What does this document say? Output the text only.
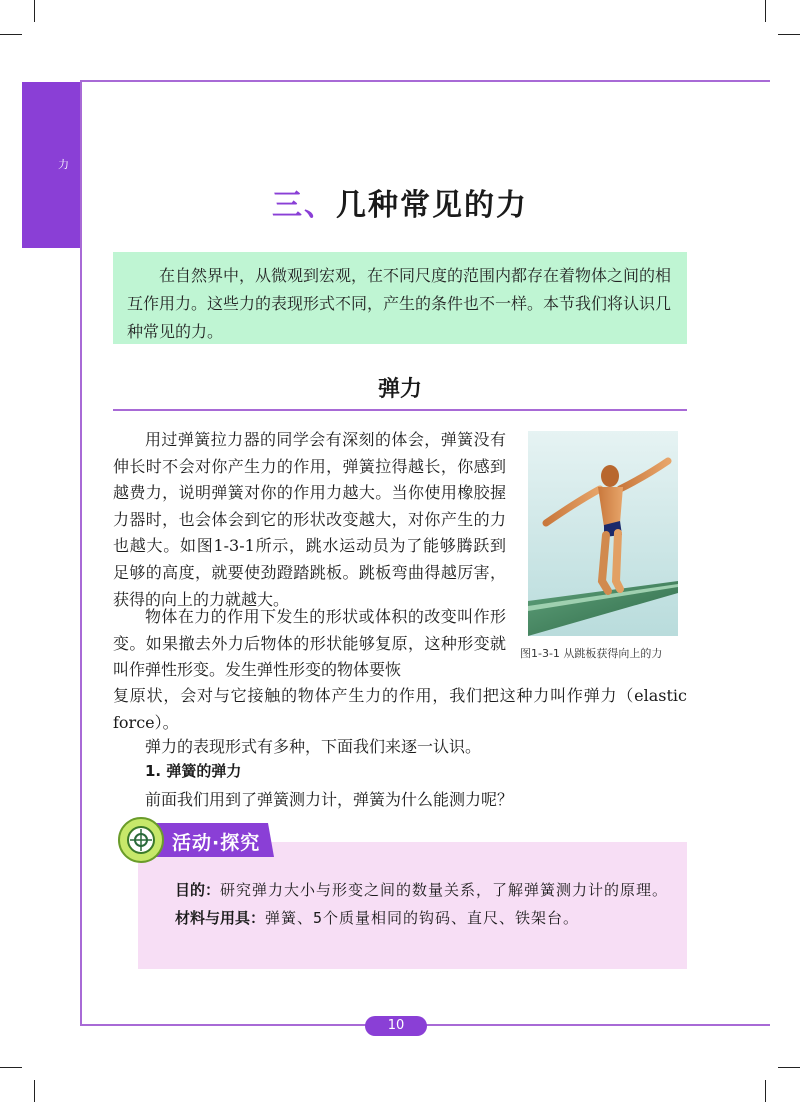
力
三、几种常见的力
在自然界中，从微观到宏观，在不同尺度的范围内都存在着物体之间的相互作用力。这些力的表现形式不同，产生的条件也不一样。本节我们将认识几种常见的力。
弹力
用过弹簧拉力器的同学会有深刻的体会，弹簧没有伸长时不会对你产生力的作用，弹簧拉得越长，你感到越费力，说明弹簧对你的作用力越大。当你使用橡胶握力器时，也会体会到它的形状改变越大，对你产生的力也越大。如图1-3-1所示，跳水运动员为了能够腾跃到足够的高度，就要使劲蹬踏跳板。跳板弯曲得越厉害，获得的向上的力就越大。
图1-3-1 从跳板获得向上的力
物体在力的作用下发生的形状或体积的改变叫作形变。如果撤去外力后物体的形状能够复原，这种形变就叫作弹性形变。发生弹性形变的物体要恢
复原状，会对与它接触的物体产生力的作用，我们把这种力叫作弹力（elastic force）。
弹力的表现形式有多种，下面我们来逐一认识。
1. 弹簧的弹力
前面我们用到了弹簧测力计，弹簧为什么能测力呢？
活动·探究
目的：研究弹力大小与形变之间的数量关系，了解弹簧测力计的原理。
材料与用具：弹簧、5个质量相同的钩码、直尺、铁架台。
10
